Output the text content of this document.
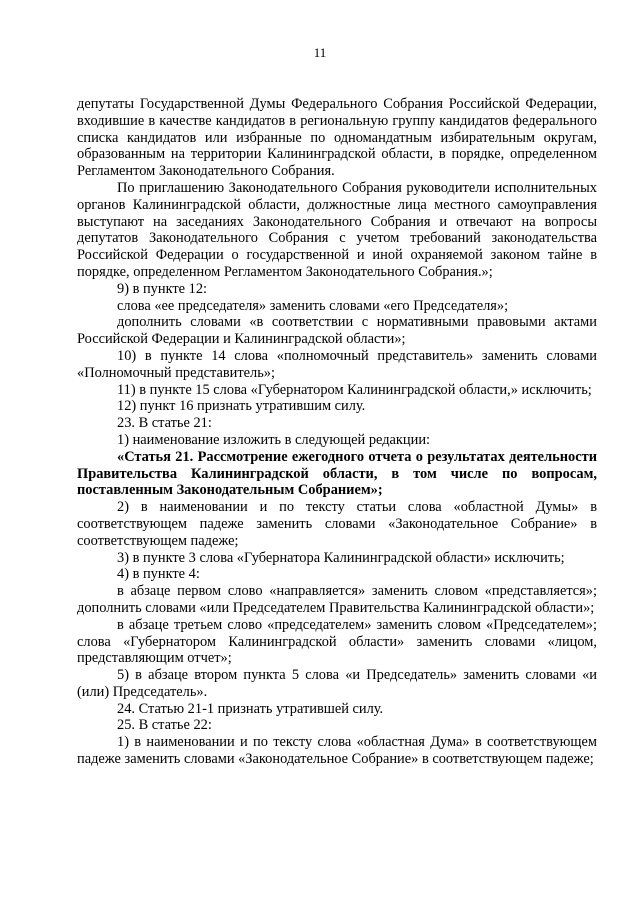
11

депутаты Государственной Думы Федерального Собрания Российской Федерации, входившие в качестве кандидатов в региональную группу кандидатов федерального списка кандидатов или избранные по одномандатным избирательным округам, образованным на территории Калининградской области, в порядке, определенном Регламентом Законодательного Собрания.

По приглашению Законодательного Собрания руководители исполнительных органов Калининградской области, должностные лица местного самоуправления выступают на заседаниях Законодательного Собрания и отвечают на вопросы депутатов Законодательного Собрания с учетом требований законодательства Российской Федерации о государственной и иной охраняемой законом тайне в порядке, определенном Регламентом Законодательного Собрания.»;

9) в пункте 12:

слова «ее председателя» заменить словами «его Председателя»;

дополнить словами «в соответствии с нормативными правовыми актами Российской Федерации и Калининградской области»;

10) в пункте 14 слова «полномочный представитель» заменить словами «Полномочный представитель»;

11) в пункте 15 слова «Губернатором Калининградской области,» исключить;

12) пункт 16 признать утратившим силу.

23. В статье 21:

1) наименование изложить в следующей редакции:

«Статья 21. Рассмотрение ежегодного отчета о результатах деятельности Правительства Калининградской области, в том числе по вопросам, поставленным Законодательным Собранием»;

2) в наименовании и по тексту статьи слова «областной Думы» в соответствующем падеже заменить словами «Законодательное Собрание» в соответствующем падеже;

3) в пункте 3 слова «Губернатора Калининградской области» исключить;

4) в пункте 4:

в абзаце первом слово «направляется» заменить словом «представляется»; дополнить словами «или Председателем Правительства Калининградской области»;

в абзаце третьем слово «председателем» заменить словом «Председателем»; слова «Губернатором Калининградской области» заменить словами «лицом, представляющим отчет»;

5) в абзаце втором пункта 5 слова «и Председатель» заменить словами «и (или) Председатель».

24. Статью 21-1 признать утратившей силу.

25. В статье 22:

1) в наименовании и по тексту слова «областная Дума» в соответствующем падеже заменить словами «Законодательное Собрание» в соответствующем падеже;
